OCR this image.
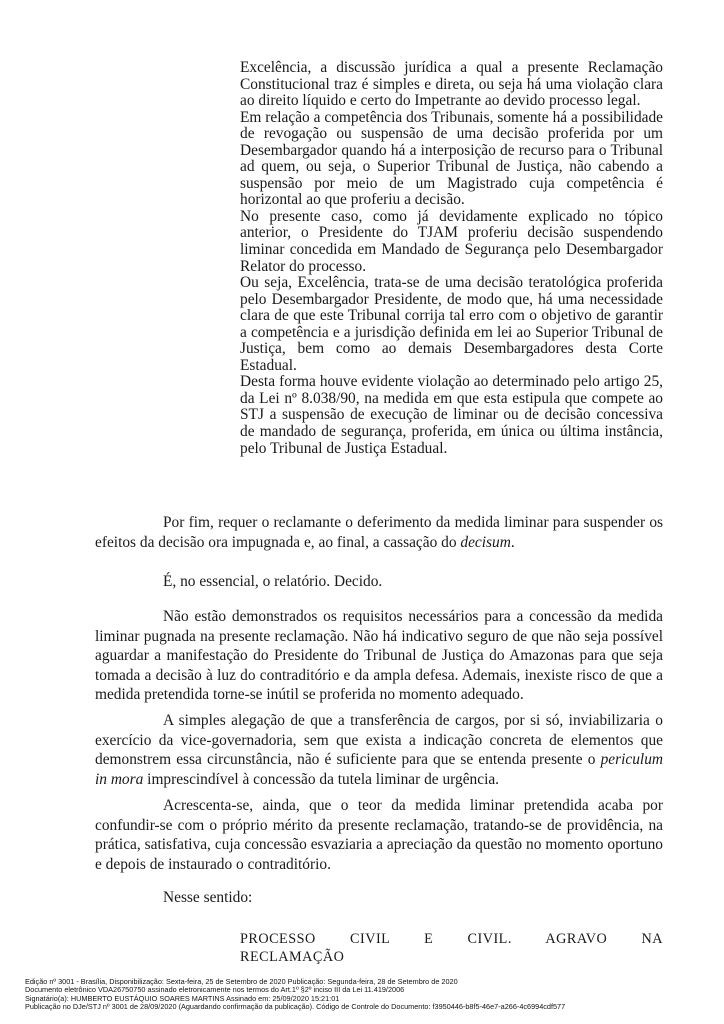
Excelência, a discussão jurídica a qual a presente Reclamação Constitucional traz é simples e direta, ou seja há uma violação clara ao direito líquido e certo do Impetrante ao devido processo legal.

Em relação a competência dos Tribunais, somente há a possibilidade de revogação ou suspensão de uma decisão proferida por um Desembargador quando há a interposição de recurso para o Tribunal ad quem, ou seja, o Superior Tribunal de Justiça, não cabendo a suspensão por meio de um Magistrado cuja competência é horizontal ao que proferiu a decisão.

No presente caso, como já devidamente explicado no tópico anterior, o Presidente do TJAM proferiu decisão suspendendo liminar concedida em Mandado de Segurança pelo Desembargador Relator do processo.

Ou seja, Excelência, trata-se de uma decisão teratológica proferida pelo Desembargador Presidente, de modo que, há uma necessidade clara de que este Tribunal corrija tal erro com o objetivo de garantir a competência e a jurisdição definida em lei ao Superior Tribunal de Justiça, bem como ao demais Desembargadores desta Corte Estadual.

Desta forma houve evidente violação ao determinado pelo artigo 25, da Lei nº 8.038/90, na medida em que esta estipula que compete ao STJ a suspensão de execução de liminar ou de decisão concessiva de mandado de segurança, proferida, em única ou última instância, pelo Tribunal de Justiça Estadual.

Por fim, requer o reclamante o deferimento da medida liminar para suspender os efeitos da decisão ora impugnada e, ao final, a cassação do decisum.

É, no essencial, o relatório. Decido.

Não estão demonstrados os requisitos necessários para a concessão da medida liminar pugnada na presente reclamação. Não há indicativo seguro de que não seja possível aguardar a manifestação do Presidente do Tribunal de Justiça do Amazonas para que seja tomada a decisão à luz do contraditório e da ampla defesa. Ademais, inexiste risco de que a medida pretendida torne-se inútil se proferida no momento adequado.

A simples alegação de que a transferência de cargos, por si só, inviabilizaria o exercício da vice-governadoria, sem que exista a indicação concreta de elementos que demonstrem essa circunstância, não é suficiente para que se entenda presente o periculum in mora imprescindível à concessão da tutela liminar de urgência.

Acrescenta-se, ainda, que o teor da medida liminar pretendida acaba por confundir-se com o próprio mérito da presente reclamação, tratando-se de providência, na prática, satisfativa, cuja concessão esvaziaria a apreciação da questão no momento oportuno e depois de instaurado o contraditório.

Nesse sentido:

PROCESSO CIVIL E CIVIL. AGRAVO NA RECLAMAÇÃO

Edição nº 3001 - Brasília, Disponibilização: Sexta-feira, 25 de Setembro de 2020 Publicação: Segunda-feira, 28 de Setembro de 2020
Documento eletrônico VDA26750750 assinado eletronicamente nos termos do Art.1º §2º inciso III da Lei 11.419/2006
Signatário(a): HUMBERTO EUSTÁQUIO SOARES MARTINS Assinado em: 25/09/2020 15:21:01
Publicação no DJe/STJ nº 3001 de 28/09/2020 (Aguardando confirmação da publicação). Código de Controle do Documento: f3950446-b8f5-46e7-a266-4c6994cdf577
